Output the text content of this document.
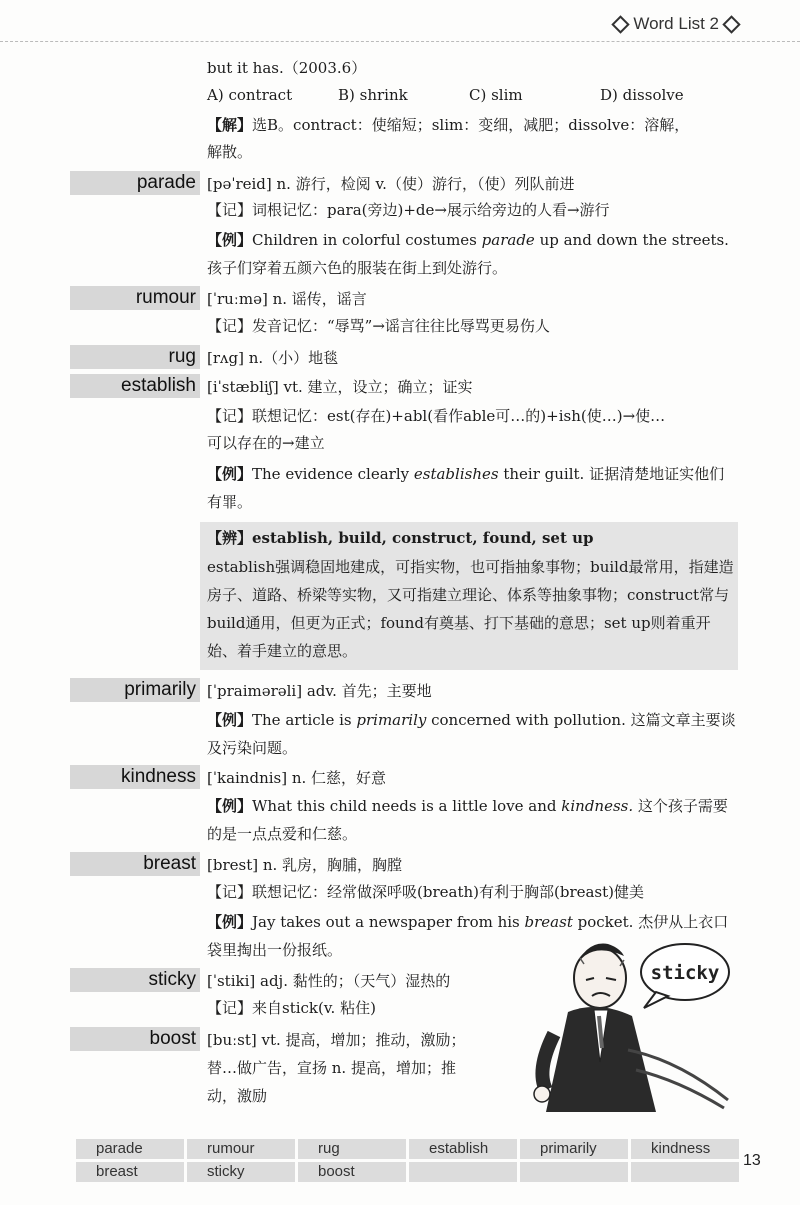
Word List 2
but it has.（2003.6）
A) contract	B) shrink	C) slim	D) dissolve
【解】选B。contract：使缩短；slim：变细，减肥；dissolve：溶解，
解散。
parade [pəˈreid] n. 游行，检阅 v.（使）游行，（使）列队前进
【记】词根记忆：para(旁边)+de→展示给旁边的人看→游行
【例】Children in colorful costumes parade up and down the streets. 孩子们穿着五颜六色的服装在街上到处游行。
rumour [ˈruːmə] n. 谣传，谣言
【记】发音记忆：“辱骂”→谣言往往比辱骂更易伤人
rug [rʌg] n.（小）地毯
establish [iˈstæbliʃ] vt. 建立，设立；确立；证实
【记】联想记忆：est(存在)+abl(看作able可…的)+ish(使…)→使…
可以存在的→建立
【例】The evidence clearly establishes their guilt. 证据清楚地证实他们有罪。
【辨】establish, build, construct, found, set up
establish强调稳固地建成，可指实物，也可指抽象事物；build最常用，指建造房子、道路、桥梁等实物，又可指建立理论、体系等抽象事物；construct常与build通用，但更为正式；found有奠基、打下基础的意思；set up则着重开始、着手建立的意思。
primarily [ˈpraimərəli] adv. 首先；主要地
【例】The article is primarily concerned with pollution. 这篇文章主要谈及污染问题。
kindness [ˈkaindnis] n. 仁慈，好意
【例】What this child needs is a little love and kindness. 这个孩子需要的是一点点爱和仁慈。
breast [brest] n. 乳房，胸脯，胸膛
【记】联想记忆：经常做深呼吸(breath)有利于胸部(breast)健美
【例】Jay takes out a newspaper from his breast pocket. 杰伊从上衣口袋里掏出一份报纸。
sticky [ˈstiki] adj. 黏性的；（天气）湿热的
【记】来自stick(v. 粘住)
boost [buːst] vt. 提高，增加；推动，激励；
替…做广告，宣扬 n. 提高，增加；推
动，激励
sticky
parade	rumour	rug	establish	primarily	kindness
breast	sticky	boost
13
